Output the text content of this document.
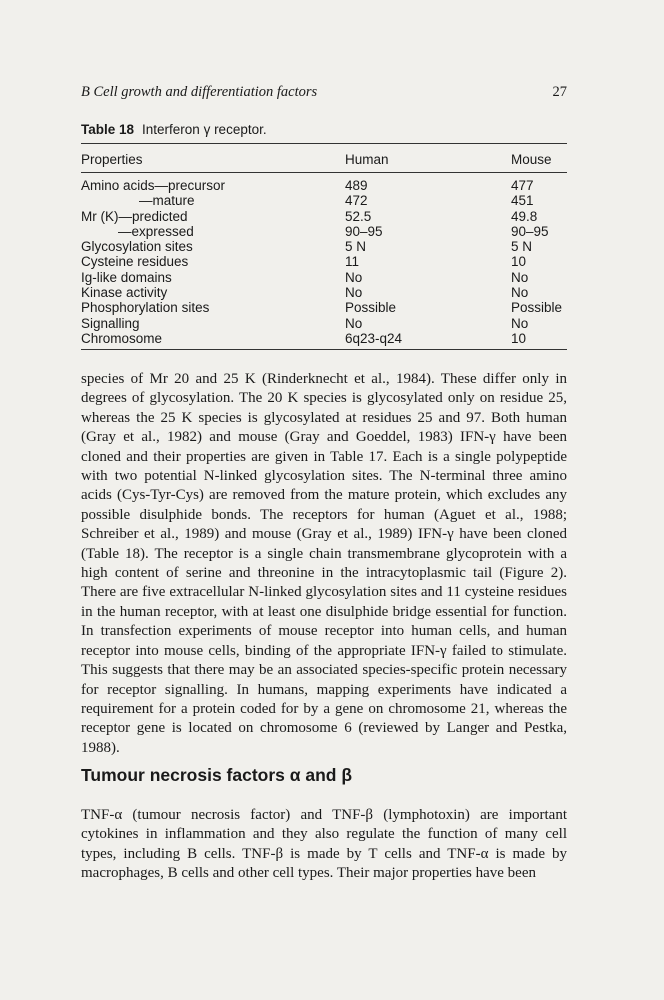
B Cell growth and differentiation factors	27
Table 18 Interferon γ receptor.
Properties	Human	Mouse
Amino acids—precursor	489	477
—mature	472	451
Mr (K)—predicted	52.5	49.8
—expressed	90–95	90–95
Glycosylation sites	5 N	5 N
Cysteine residues	11	10
Ig-like domains	No	No
Kinase activity	No	No
Phosphorylation sites	Possible	Possible
Signalling	No	No
Chromosome	6q23-q24	10

species of Mr 20 and 25 K (Rinderknecht et al., 1984). These differ only in degrees of glycosylation. The 20 K species is glycosylated only on residue 25, whereas the 25 K species is glycosylated at residues 25 and 97. Both human (Gray et al., 1982) and mouse (Gray and Goeddel, 1983) IFN-γ have been cloned and their properties are given in Table 17. Each is a single polypeptide with two potential N-linked glycosylation sites. The N-terminal three amino acids (Cys-Tyr-Cys) are removed from the mature protein, which excludes any possible disulphide bonds. The receptors for human (Aguet et al., 1988; Schreiber et al., 1989) and mouse (Gray et al., 1989) IFN-γ have been cloned (Table 18). The receptor is a single chain transmembrane glycoprotein with a high content of serine and threonine in the intracytoplasmic tail (Figure 2). There are five extracellular N-linked glycosylation sites and 11 cysteine residues in the human receptor, with at least one disulphide bridge essential for function. In transfection experiments of mouse receptor into human cells, and human receptor into mouse cells, binding of the appropriate IFN-γ failed to stimulate. This suggests that there may be an associated species-specific protein necessary for receptor signalling. In humans, mapping experiments have indicated a requirement for a protein coded for by a gene on chromosome 21, whereas the receptor gene is located on chromosome 6 (reviewed by Langer and Pestka, 1988).

Tumour necrosis factors α and β

TNF-α (tumour necrosis factor) and TNF-β (lymphotoxin) are important cytokines in inflammation and they also regulate the function of many cell types, including B cells. TNF-β is made by T cells and TNF-α is made by macrophages, B cells and other cell types. Their major properties have been
